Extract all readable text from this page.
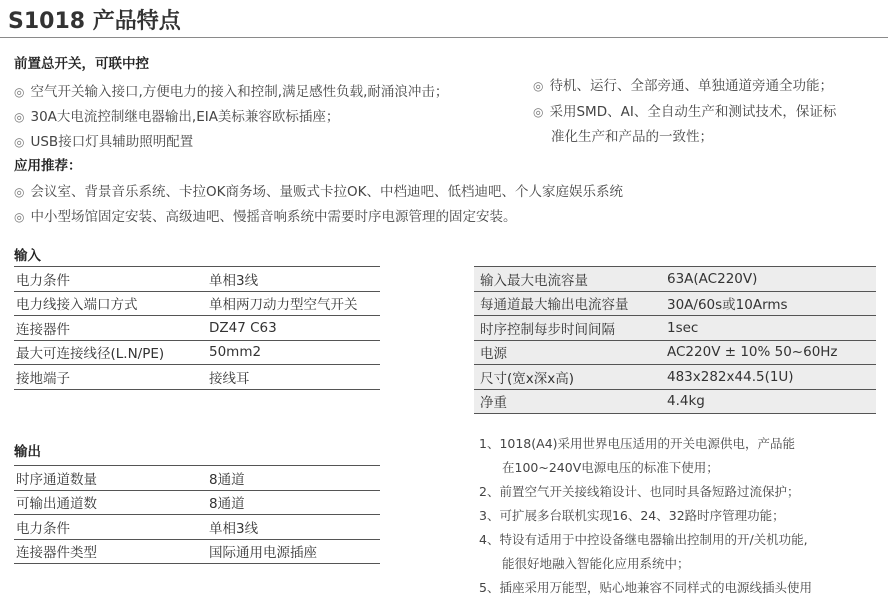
S1018 产品特点
前置总开关，可联中控
◎ 空气开关输入接口,方便电力的接入和控制,满足感性负载,耐涌浪冲击；
◎ 30A大电流控制继电器输出,EIA美标兼容欧标插座；
◎ USB接口灯具辅助照明配置
◎ 待机、运行、全部旁通、单独通道旁通全功能；
◎ 采用SMD、AI、全自动生产和测试技术，保证标
准化生产和产品的一致性；
应用推荐：
◎ 会议室、背景音乐系统、卡拉OK商务场、量贩式卡拉OK、中档迪吧、低档迪吧、个人家庭娱乐系统
◎ 中小型场馆固定安装、高级迪吧、慢摇音响系统中需要时序电源管理的固定安装。
输入
电力条件	单相3线
电力线接入端口方式	单相两刀动力型空气开关
连接器件	DZ47 C63
最大可连接线径(L.N/PE)	50mm2
接地端子	接线耳
输出
时序通道数量	8通道
可输出通道数	8通道
电力条件	单相3线
连接器件类型	国际通用电源插座
输入最大电流容量	63A(AC220V)
每通道最大输出电流容量	30A/60s或10Arms
时序控制每步时间间隔	1sec
电源	AC220V ± 10% 50~60Hz
尺寸(宽x深x高)	483x282x44.5(1U)
净重	4.4kg
1、1018(A4)采用世界电压适用的开关电源供电，产品能
在100~240V电源电压的标准下使用；
2、前置空气开关接线箱设计、也同时具备短路过流保护；
3、可扩展多台联机实现16、24、32路时序管理功能；
4、特设有适用于中控设备继电器输出控制用的开/关机功能,
能很好地融入智能化应用系统中；
5、插座采用万能型，贴心地兼容不同样式的电源线插头使用
